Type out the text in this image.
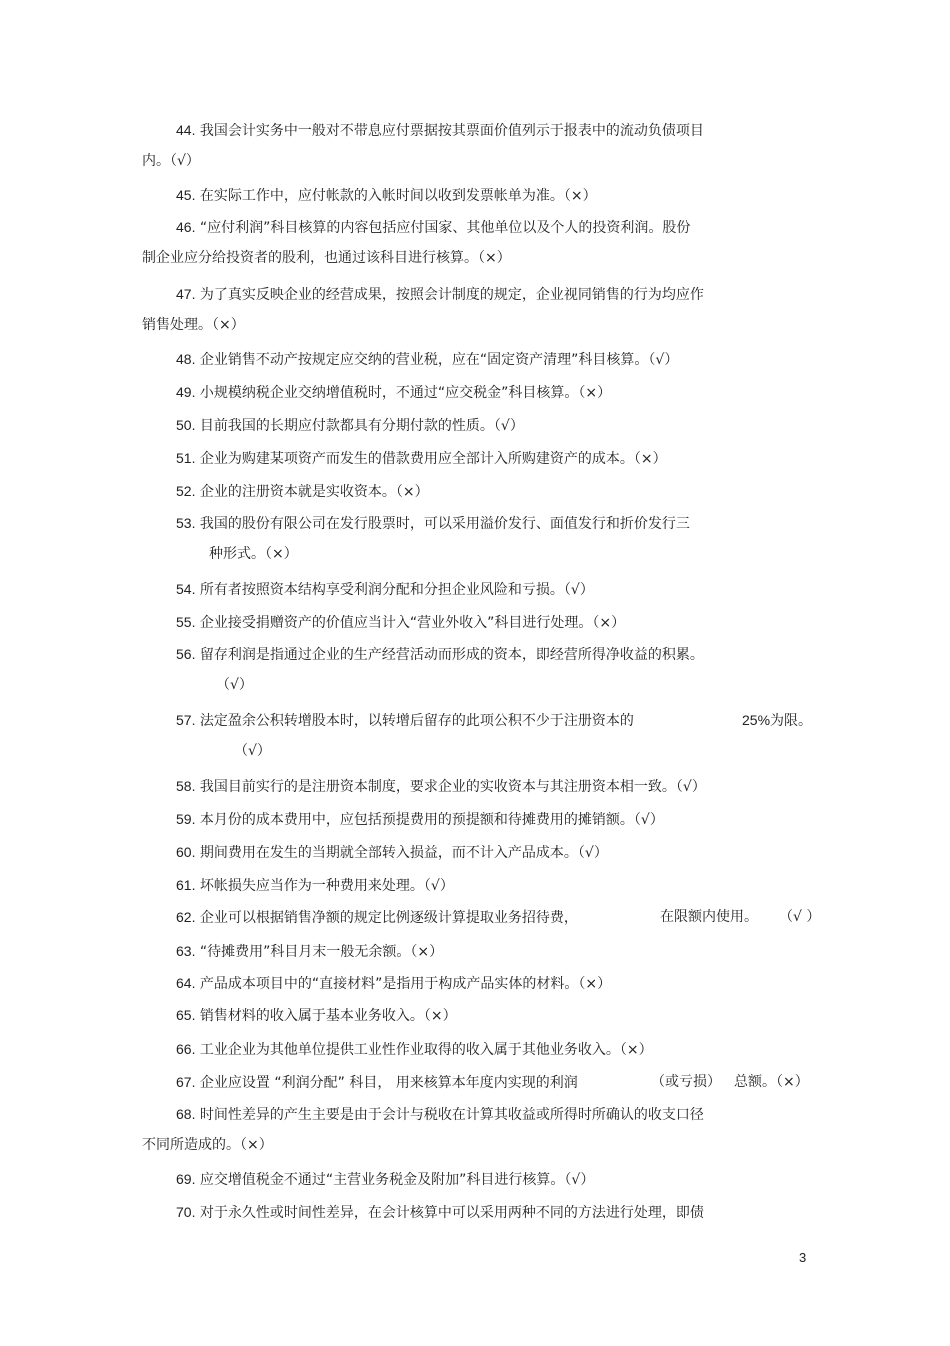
44. 我国会计实务中一般对不带息应付票据按其票面价值列示于报表中的流动负债项目
内。（√）
45. 在实际工作中，应付帐款的入帐时间以收到发票帐单为准。（×）
46. “应付利润”科目核算的内容包括应付国家、其他单位以及个人的投资利润。股份
制企业应分给投资者的股利，也通过该科目进行核算。（×）
47. 为了真实反映企业的经营成果，按照会计制度的规定，企业视同销售的行为均应作
销售处理。（×）
48. 企业销售不动产按规定应交纳的营业税，应在“固定资产清理”科目核算。（√）
49. 小规模纳税企业交纳增值税时，不通过“应交税金”科目核算。（×）
50. 目前我国的长期应付款都具有分期付款的性质。（√）
51. 企业为购建某项资产而发生的借款费用应全部计入所购建资产的成本。（×）
52. 企业的注册资本就是实收资本。（×）
53. 我国的股份有限公司在发行股票时，可以采用溢价发行、面值发行和折价发行三
种形式。（×）
54. 所有者按照资本结构享受利润分配和分担企业风险和亏损。（√）
55. 企业接受捐赠资产的价值应当计入“营业外收入”科目进行处理。（×）
56. 留存利润是指通过企业的生产经营活动而形成的资本，即经营所得净收益的积累。
（√）
57. 法定盈余公积转增股本时，以转增后留存的此项公积不少于注册资本的	25%为限。
（√）
58. 我国目前实行的是注册资本制度，要求企业的实收资本与其注册资本相一致。（√）
59. 本月份的成本费用中，应包括预提费用的预提额和待摊费用的摊销额。（√）
60. 期间费用在发生的当期就全部转入损益，而不计入产品成本。（√）
61. 坏帐损失应当作为一种费用来处理。（√）
62. 企业可以根据销售净额的规定比例逐级计算提取业务招待费，	在限额内使用。 （√ ）
63. “待摊费用”科目月末一般无余额。（×）
64. 产品成本项目中的“直接材料”是指用于构成产品实体的材料。（×）
65. 销售材料的收入属于基本业务收入。（×）
66. 工业企业为其他单位提供工业性作业取得的收入属于其他业务收入。（×）
67. 企业应设置 “利润分配” 科目， 用来核算本年度内实现的利润	（或亏损） 总额。（×）
68. 时间性差异的产生主要是由于会计与税收在计算其收益或所得时所确认的收支口径
不同所造成的。（×）
69. 应交增值税金不通过“主营业务税金及附加”科目进行核算。（√）
70. 对于永久性或时间性差异，在会计核算中可以采用两种不同的方法进行处理，即债
3
